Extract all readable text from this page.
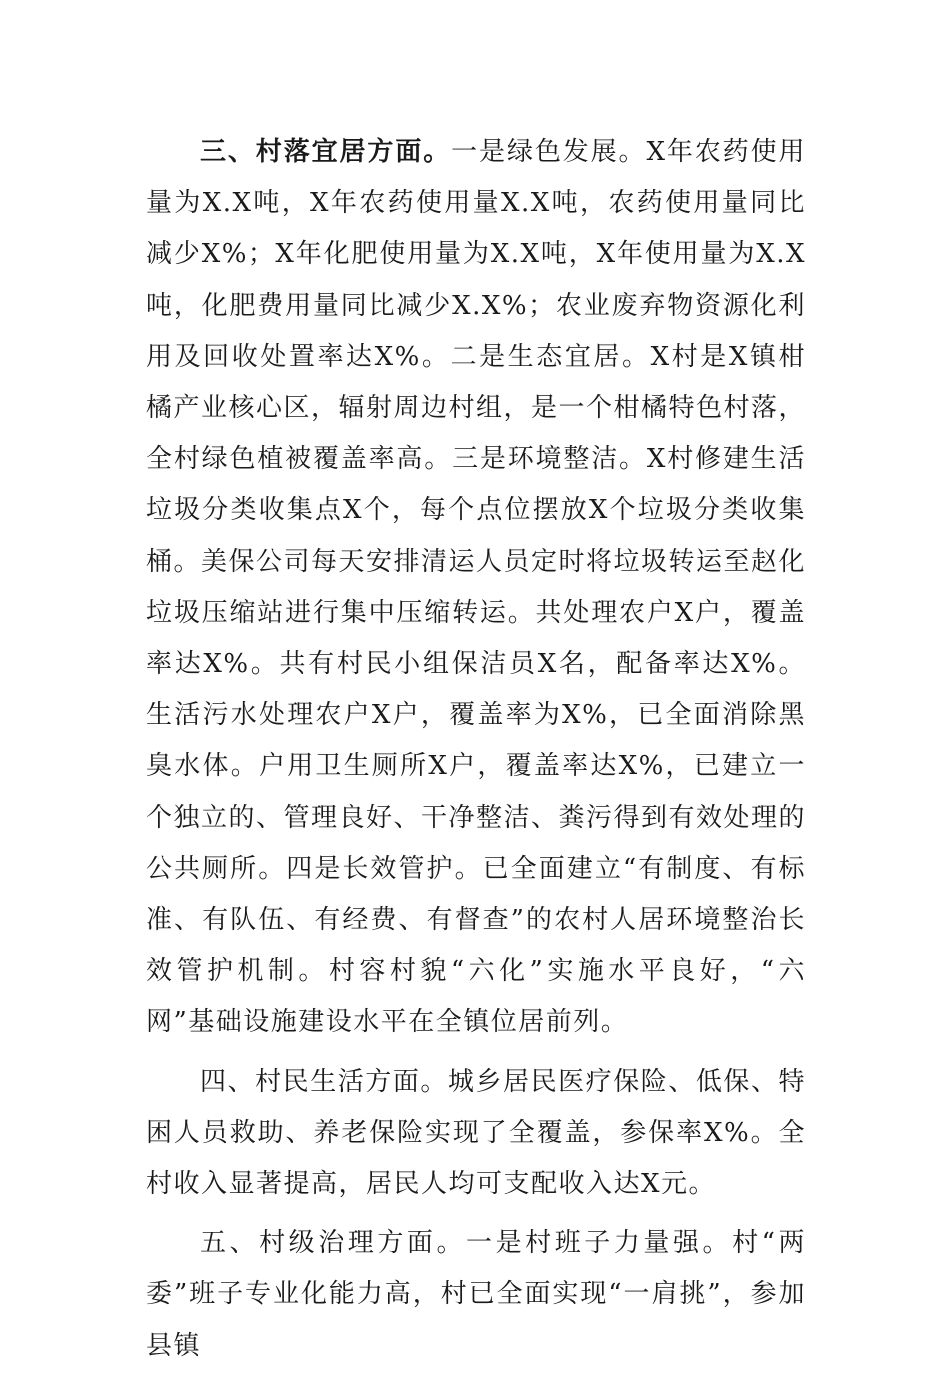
三、村落宜居方面。一是绿色发展。X年农药使用量为X.X吨，X年农药使用量X.X吨，农药使用量同比减少X%；X年化肥使用量为X.X吨，X年使用量为X.X吨，化肥费用量同比减少X.X%；农业废弃物资源化利用及回收处置率达X%。二是生态宜居。X村是X镇柑橘产业核心区，辐射周边村组，是一个柑橘特色村落，全村绿色植被覆盖率高。三是环境整洁。X村修建生活垃圾分类收集点X个，每个点位摆放X个垃圾分类收集桶。美保公司每天安排清运人员定时将垃圾转运至赵化垃圾压缩站进行集中压缩转运。共处理农户X户，覆盖率达X%。共有村民小组保洁员X名，配备率达X%。生活污水处理农户X户，覆盖率为X%，已全面消除黑臭水体。户用卫生厕所X户，覆盖率达X%，已建立一个独立的、管理良好、干净整洁、粪污得到有效处理的公共厕所。四是长效管护。已全面建立“有制度、有标准、有队伍、有经费、有督查”的农村人居环境整治长效管护机制。村容村貌“六化”实施水平良好，“六网”基础设施建设水平在全镇位居前列。

四、村民生活方面。城乡居民医疗保险、低保、特困人员救助、养老保险实现了全覆盖，参保率X%。全村收入显著提高，居民人均可支配收入达X元。

五、村级治理方面。一是村班子力量强。村“两委”班子专业化能力高，村已全面实现“一肩挑”，参加县镇
